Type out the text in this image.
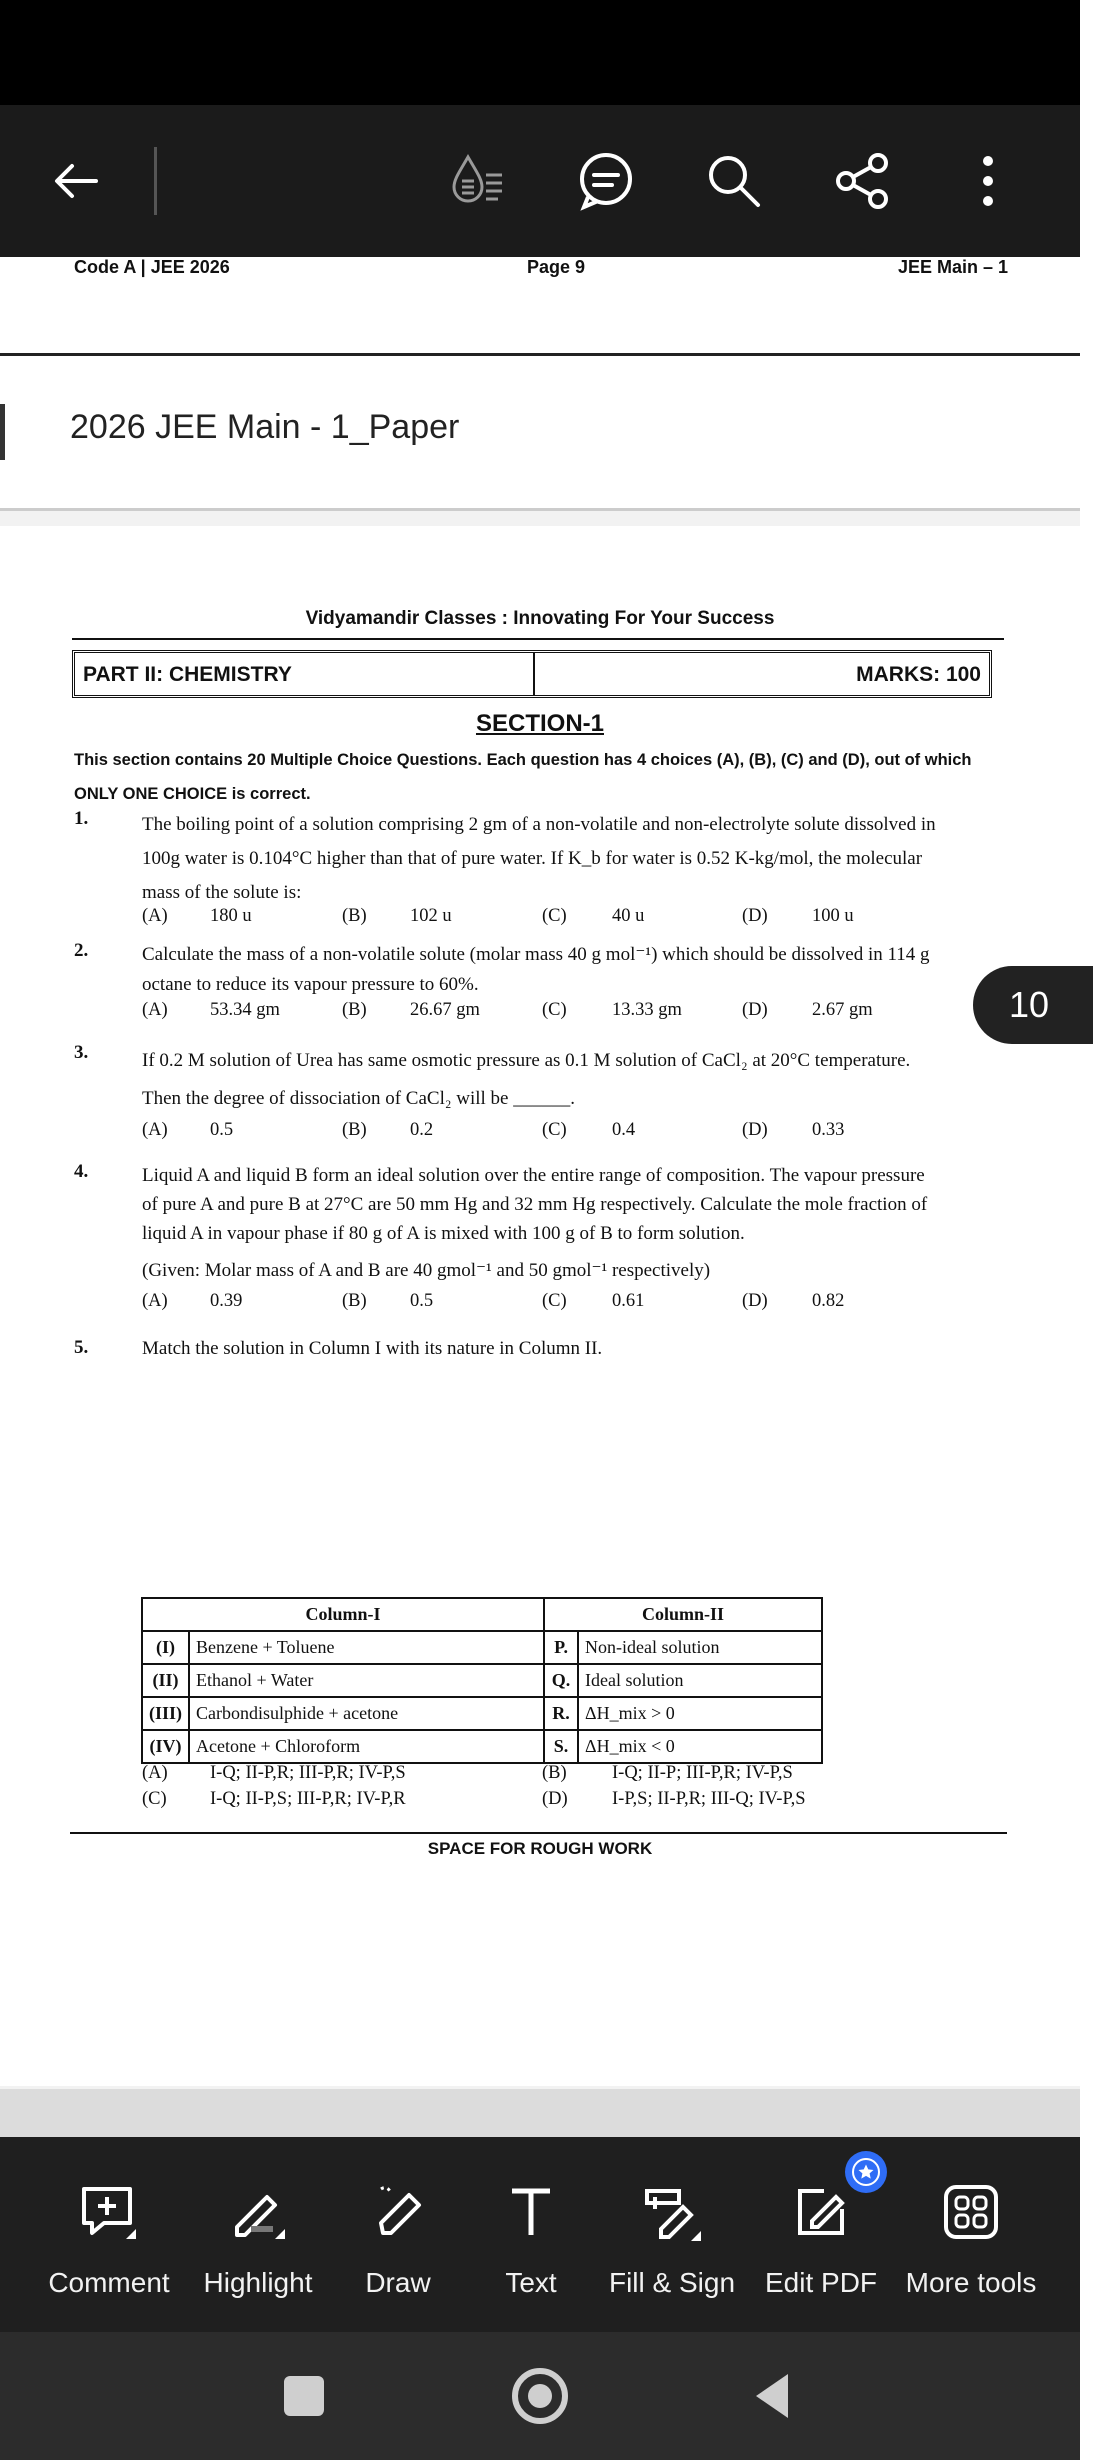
Code A | JEE 2026	Page 9	JEE Main – 1
2026 JEE Main - 1_Paper
Vidyamandir Classes : Innovating For Your Success
PART II: CHEMISTRY	MARKS: 100
SECTION-1
This section contains 20 Multiple Choice Questions. Each question has 4 choices (A), (B), (C) and (D), out of which
ONLY ONE CHOICE is correct.
1.	The boiling point of a solution comprising 2 gm of a non-volatile and non-electrolyte solute dissolved in
100g water is 0.104°C higher than that of pure water. If K_b for water is 0.52 K-kg/mol, the molecular
mass of the solute is:
(A) 180 u	(B) 102 u	(C) 40 u	(D) 100 u
2.	Calculate the mass of a non-volatile solute (molar mass 40 g mol⁻¹) which should be dissolved in 114 g
octane to reduce its vapour pressure to 60%.
(A) 53.34 gm	(B) 26.67 gm	(C) 13.33 gm	(D) 2.67 gm
3.	If 0.2 M solution of Urea has same osmotic pressure as 0.1 M solution of CaCl₂ at 20°C temperature.
Then the degree of dissociation of CaCl₂ will be ______.
(A) 0.5	(B) 0.2	(C) 0.4	(D) 0.33
4.	Liquid A and liquid B form an ideal solution over the entire range of composition. The vapour pressure
of pure A and pure B at 27°C are 50 mm Hg and 32 mm Hg respectively. Calculate the mole fraction of
liquid A in vapour phase if 80 g of A is mixed with 100 g of B to form solution.
(Given: Molar mass of A and B are 40 gmol⁻¹ and 50 gmol⁻¹ respectively)
(A) 0.39	(B) 0.5	(C) 0.61	(D) 0.82
5.	Match the solution in Column I with its nature in Column II.
Column-I		Column-II	
(I)	Benzene + Toluene	P.	Non-ideal solution
(II)	Ethanol + Water	Q.	Ideal solution
(III)	Carbondisulphide + acetone	R.	ΔH_mix > 0
(IV)	Acetone + Chloroform	S.	ΔH_mix < 0
(A) I-Q; II-P,R; III-P,R; IV-P,S	(B) I-Q; II-P; III-P,R; IV-P,S
(C) I-Q; II-P,S; III-P,R; IV-P,R	(D) I-P,S; II-P,R; III-Q; IV-P,S
SPACE FOR ROUGH WORK
10
Comment	Highlight	Draw	Text	Fill & Sign	Edit PDF	More tools
